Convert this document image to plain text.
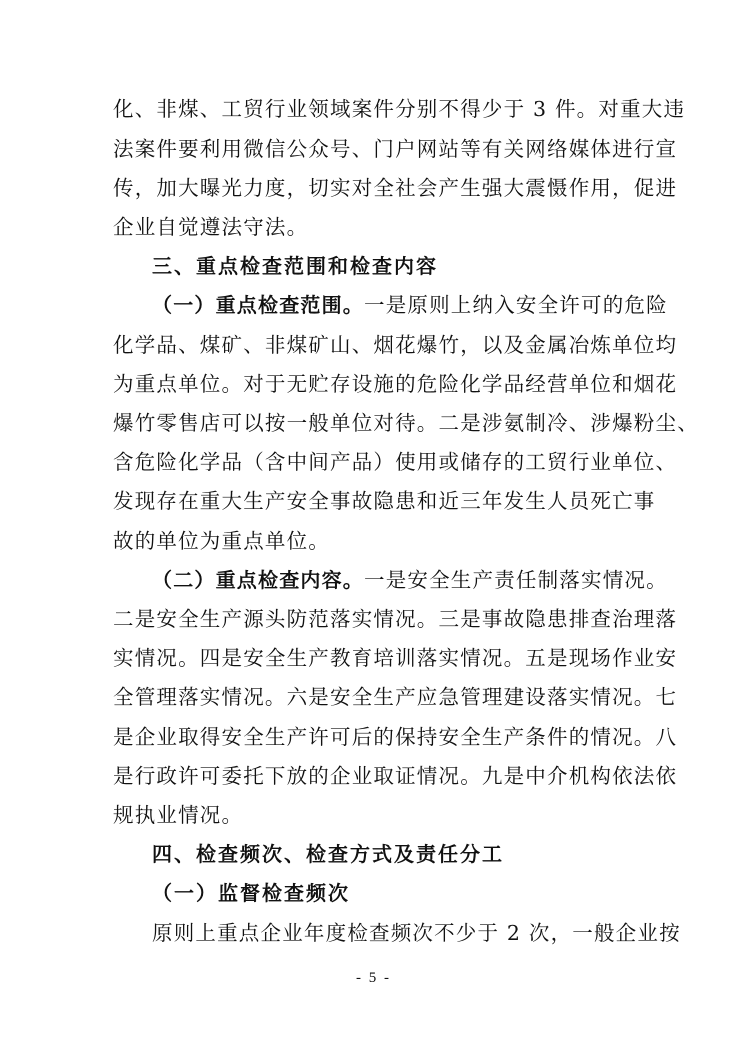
化、非煤、工贸行业领域案件分别不得少于 3 件。对重大违
法案件要利用微信公众号、门户网站等有关网络媒体进行宣
传，加大曝光力度，切实对全社会产生强大震慑作用，促进
企业自觉遵法守法。
三、重点检查范围和检查内容
（一）重点检查范围。一是原则上纳入安全许可的危险
化学品、煤矿、非煤矿山、烟花爆竹，以及金属冶炼单位均
为重点单位。对于无贮存设施的危险化学品经营单位和烟花
爆竹零售店可以按一般单位对待。二是涉氨制冷、涉爆粉尘、
含危险化学品（含中间产品）使用或储存的工贸行业单位、
发现存在重大生产安全事故隐患和近三年发生人员死亡事
故的单位为重点单位。
（二）重点检查内容。一是安全生产责任制落实情况。
二是安全生产源头防范落实情况。三是事故隐患排查治理落
实情况。四是安全生产教育培训落实情况。五是现场作业安
全管理落实情况。六是安全生产应急管理建设落实情况。七
是企业取得安全生产许可后的保持安全生产条件的情况。八
是行政许可委托下放的企业取证情况。九是中介机构依法依
规执业情况。
四、检查频次、检查方式及责任分工
（一）监督检查频次
原则上重点企业年度检查频次不少于 2 次，一般企业按
- 5 -
